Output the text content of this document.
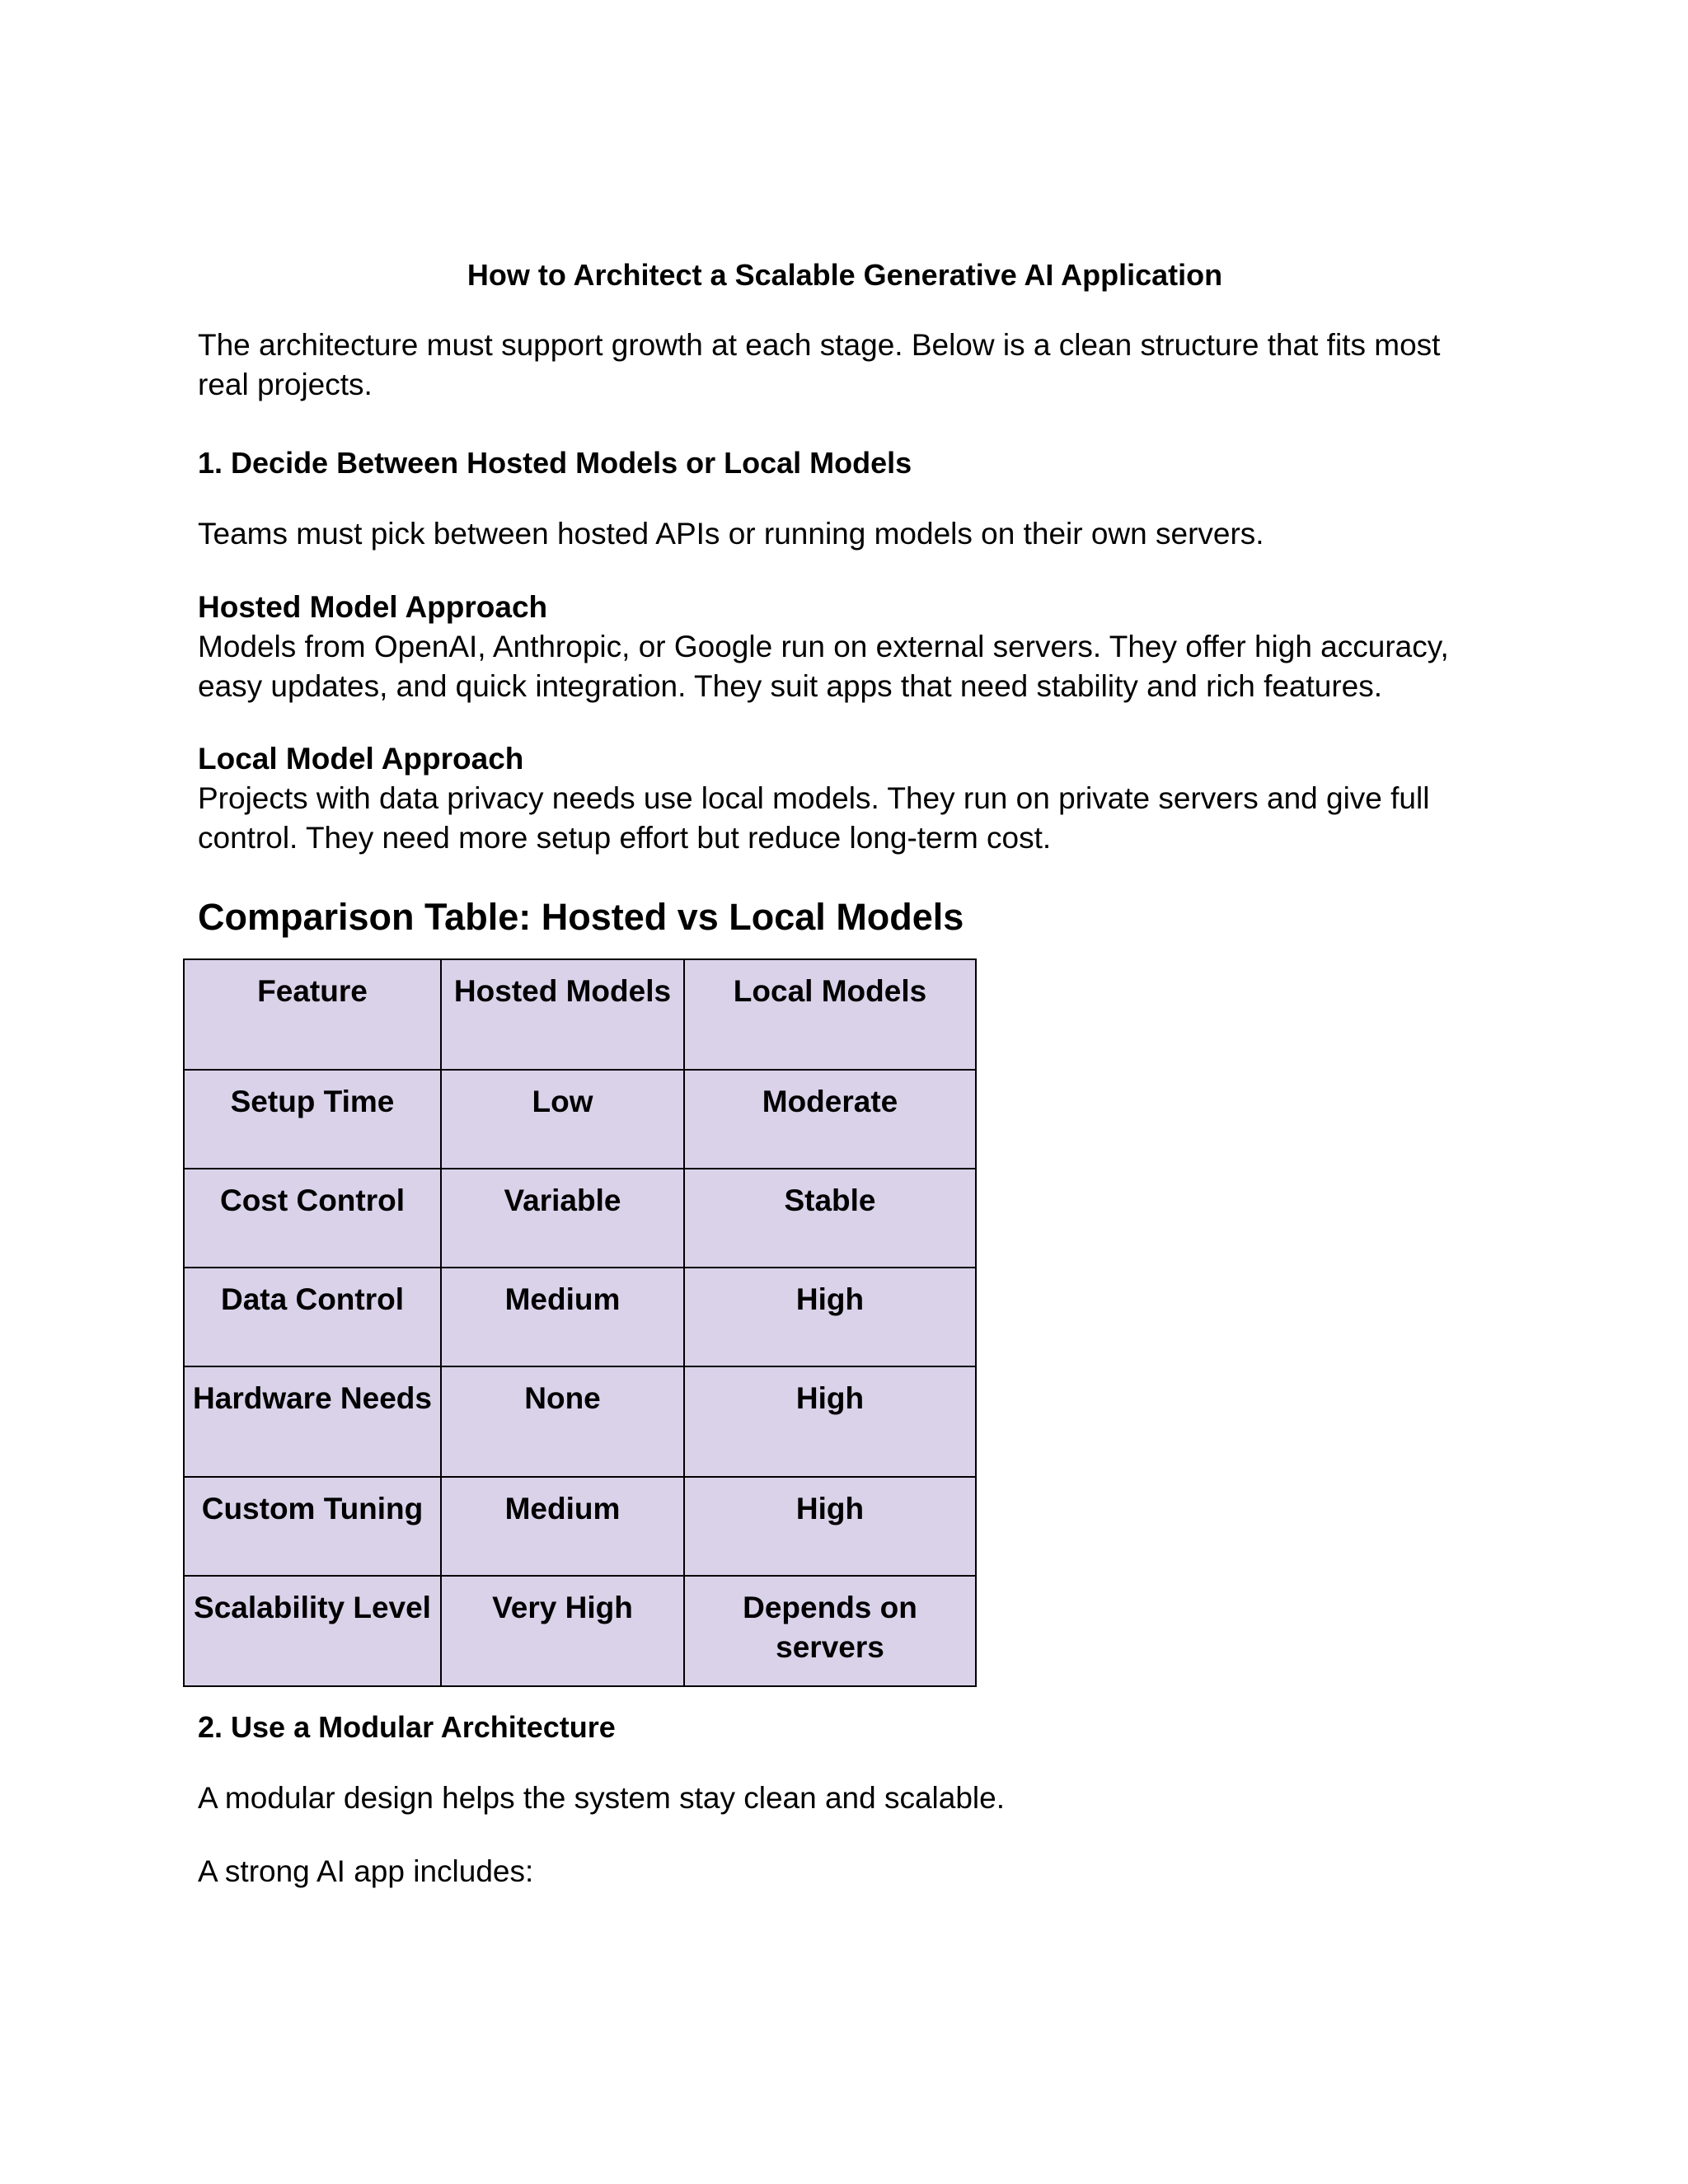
How to Architect a Scalable Generative AI Application

The architecture must support growth at each stage. Below is a clean structure that fits most real projects.

1. Decide Between Hosted Models or Local Models

Teams must pick between hosted APIs or running models on their own servers.

Hosted Model Approach

Models from OpenAI, Anthropic, or Google run on external servers. They offer high accuracy, easy updates, and quick integration. They suit apps that need stability and rich features.

Local Model Approach

Projects with data privacy needs use local models. They run on private servers and give full control. They need more setup effort but reduce long-term cost.

Comparison Table: Hosted vs Local Models
Feature	Hosted Models	Local Models
Setup Time	Low	Moderate
Cost Control	Variable	Stable
Data Control	Medium	High
Hardware Needs	None	High
Custom Tuning	Medium	High
Scalability Level	Very High	Depends on servers
2. Use a Modular Architecture

A modular design helps the system stay clean and scalable.

A strong AI app includes:
